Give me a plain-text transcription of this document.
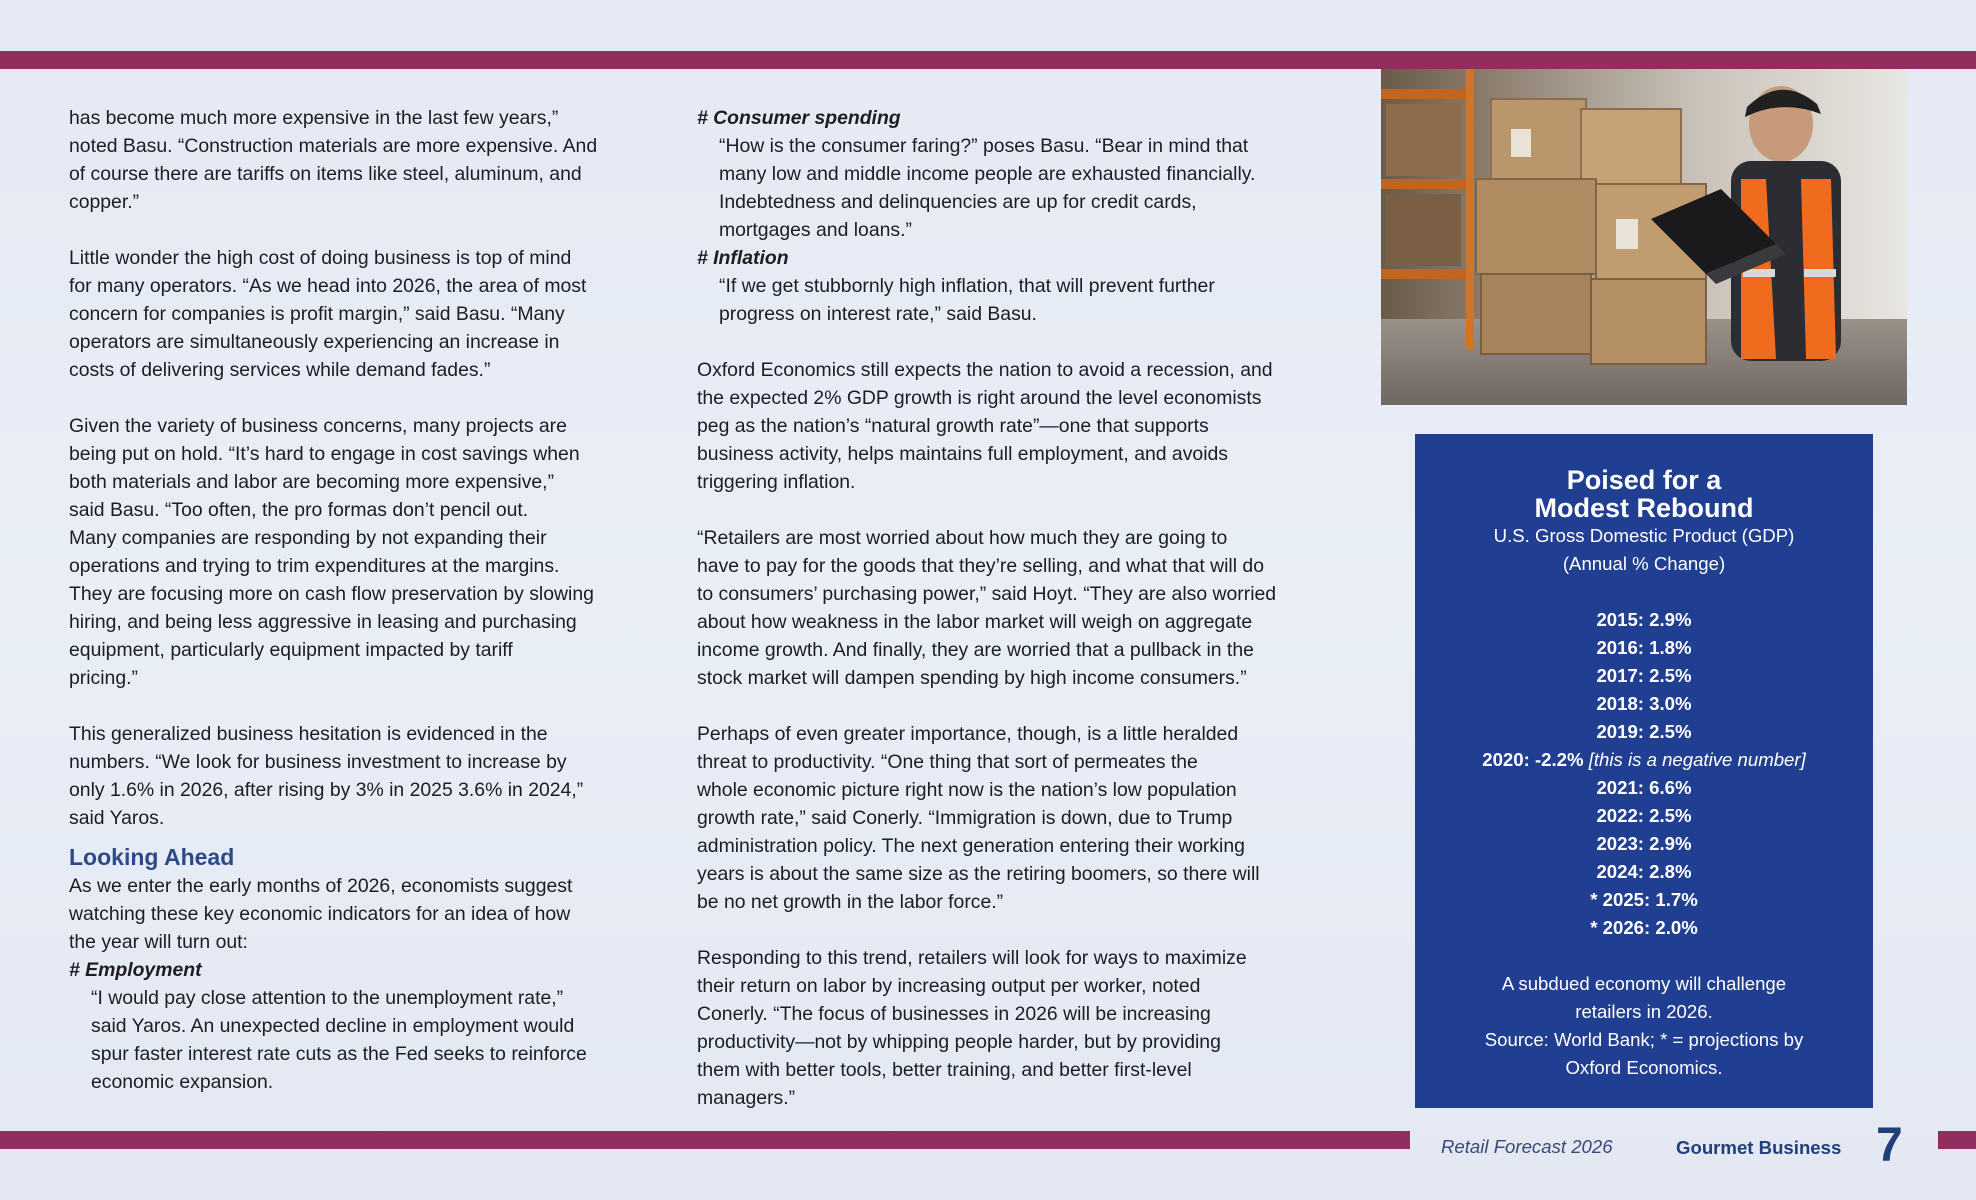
has become much more expensive in the last few years,”
noted Basu. “Construction materials are more expensive. And
of course there are tariffs on items like steel, aluminum, and
copper.”

Little wonder the high cost of doing business is top of mind
for many operators. “As we head into 2026, the area of most
concern for companies is profit margin,” said Basu. “Many
operators are simultaneously experiencing an increase in
costs of delivering services while demand fades.”

Given the variety of business concerns, many projects are
being put on hold. “It’s hard to engage in cost savings when
both materials and labor are becoming more expensive,”
said Basu. “Too often, the pro formas don’t pencil out.
Many companies are responding by not expanding their
operations and trying to trim expenditures at the margins.
They are focusing more on cash flow preservation by slowing
hiring, and being less aggressive in leasing and purchasing
equipment, particularly equipment impacted by tariff
pricing.”

This generalized business hesitation is evidenced in the
numbers. “We look for business investment to increase by
only 1.6% in 2026, after rising by 3% in 2025 3.6% in 2024,”
said Yaros.

Looking Ahead

As we enter the early months of 2026, economists suggest
watching these key economic indicators for an idea of how
the year will turn out:

# Employment

“I would pay close attention to the unemployment rate,”
said Yaros. An unexpected decline in employment would
spur faster interest rate cuts as the Fed seeks to reinforce
economic expansion.

# Consumer spending

“How is the consumer faring?” poses Basu. “Bear in mind that
many low and middle income people are exhausted financially.
Indebtedness and delinquencies are up for credit cards,
mortgages and loans.”

# Inflation

“If we get stubbornly high inflation, that will prevent further
progress on interest rate,” said Basu.

Oxford Economics still expects the nation to avoid a recession, and
the expected 2% GDP growth is right around the level economists
peg as the nation’s “natural growth rate”—one that supports
business activity, helps maintains full employment, and avoids
triggering inflation.

“Retailers are most worried about how much they are going to
have to pay for the goods that they’re selling, and what that will do
to consumers’ purchasing power,” said Hoyt. “They are also worried
about how weakness in the labor market will weigh on aggregate
income growth. And finally, they are worried that a pullback in the
stock market will dampen spending by high income consumers.”

Perhaps of even greater importance, though, is a little heralded
threat to productivity. “One thing that sort of permeates the
whole economic picture right now is the nation’s low population
growth rate,” said Conerly. “Immigration is down, due to Trump
administration policy. The next generation entering their working
years is about the same size as the retiring boomers, so there will
be no net growth in the labor force.”

Responding to this trend, retailers will look for ways to maximize
their return on labor by increasing output per worker, noted
Conerly. “The focus of businesses in 2026 will be increasing
productivity—not by whipping people harder, but by providing
them with better tools, better training, and better first-level
managers.”

Poised for a
Modest Rebound

U.S. Gross Domestic Product (GDP)
(Annual % Change)

2015: 2.9%

2016: 1.8%

2017: 2.5%

2018: 3.0%

2019: 2.5%

2020: -2.2% [this is a negative number]

2021: 6.6%

2022: 2.5%

2023: 2.9%

2024: 2.8%

* 2025: 1.7%

* 2026: 2.0%

A subdued economy will challenge
retailers in 2026.
Source: World Bank; * = projections by
Oxford Economics.

Retail Forecast 2026	Gourmet Business 7
